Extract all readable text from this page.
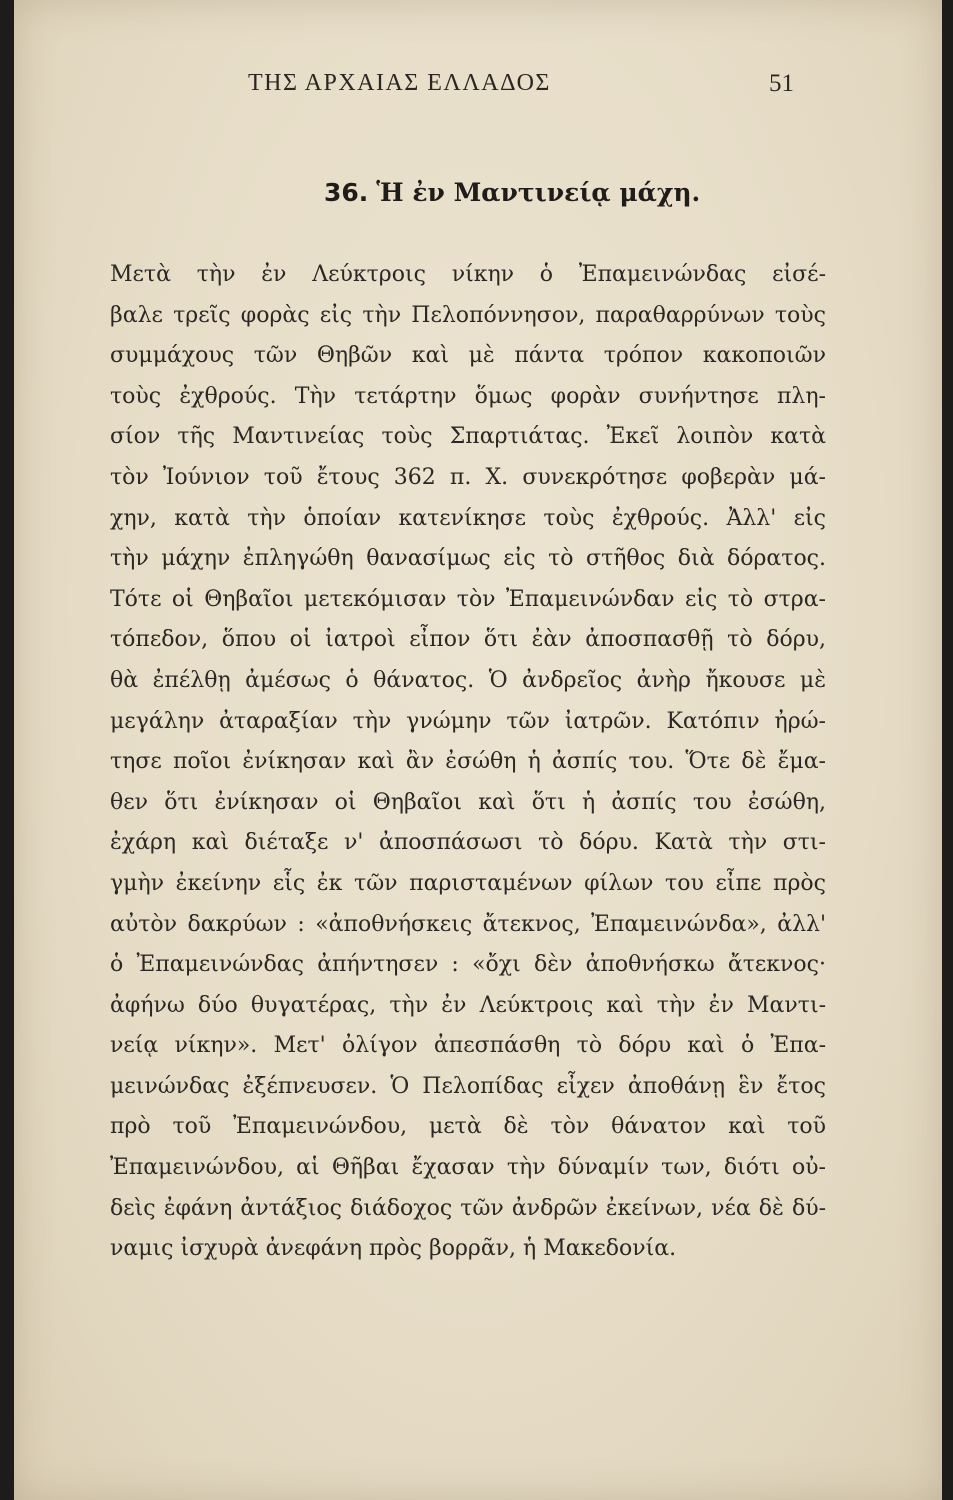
ΤΗΣ ΑΡΧΑΙΑΣ ΕΛΛΑΔΟΣ	51
36. Ἡ ἐν Μαντινείᾳ μάχη.
Μετὰ τὴν ἐν Λεύκτροις νίκην ὁ Ἐπαμεινώνδας εἰσέ-
βαλε τρεῖς φορὰς εἰς τὴν Πελοπόννησον, παραθαρρύνων τοὺς
συμμάχους τῶν Θηβῶν καὶ μὲ πάντα τρόπον κακοποιῶν
τοὺς ἐχθρούς. Τὴν τετάρτην ὅμως φορὰν συνήντησε πλη-
σίον τῆς Μαντινείας τοὺς Σπαρτιάτας. Ἐκεῖ λοιπὸν κατὰ
τὸν Ἰούνιον τοῦ ἔτους 362 π. Χ. συνεκρότησε φοβερὰν μά-
χην, κατὰ τὴν ὁποίαν κατενίκησε τοὺς ἐχθρούς. Ἀλλ' εἰς
τὴν μάχην ἐπληγώθη θανασίμως εἰς τὸ στῆθος διὰ δόρατος.
Τότε οἱ Θηβαῖοι μετεκόμισαν τὸν Ἐπαμεινώνδαν εἰς τὸ στρα-
τόπεδον, ὅπου οἱ ἰατροὶ εἶπον ὅτι ἐὰν ἀποσπασθῇ τὸ δόρυ,
θὰ ἐπέλθῃ ἀμέσως ὁ θάνατος. Ὁ ἀνδρεῖος ἀνὴρ ἤκουσε μὲ
μεγάλην ἀταραξίαν τὴν γνώμην τῶν ἰατρῶν. Κατόπιν ἠρώ-
τησε ποῖοι ἐνίκησαν καὶ ἂν ἐσώθη ἡ ἀσπίς του. Ὅτε δὲ ἔμα-
θεν ὅτι ἐνίκησαν οἱ Θηβαῖοι καὶ ὅτι ἡ ἀσπίς του ἐσώθη,
ἐχάρη καὶ διέταξε ν' ἀποσπάσωσι τὸ δόρυ. Κατὰ τὴν στι-
γμὴν ἐκείνην εἷς ἐκ τῶν παρισταμένων φίλων του εἶπε πρὸς
αὐτὸν δακρύων : «ἀποθνήσκεις ἄτεκνος, Ἐπαμεινώνδα», ἀλλ'
ὁ Ἐπαμεινώνδας ἀπήντησεν : «ὄχι δὲν ἀποθνήσκω ἄτεκνος·
ἀφήνω δύο θυγατέρας, τὴν ἐν Λεύκτροις καὶ τὴν ἐν Μαντι-
νείᾳ νίκην». Μετ' ὀλίγον ἀπεσπάσθη τὸ δόρυ καὶ ὁ Ἐπα-
μεινώνδας ἐξέπνευσεν. Ὁ Πελοπίδας εἶχεν ἀποθάνῃ ἓν ἔτος
πρὸ τοῦ Ἐπαμεινώνδου, μετὰ δὲ τὸν θάνατον καὶ τοῦ
Ἐπαμεινώνδου, αἱ Θῆβαι ἔχασαν τὴν δύναμίν των, διότι οὐ-
δεὶς ἐφάνη ἀντάξιος διάδοχος τῶν ἀνδρῶν ἐκείνων, νέα δὲ δύ-
ναμις ἰσχυρὰ ἀνεφάνη πρὸς βορρᾶν, ἡ Μακεδονία.
